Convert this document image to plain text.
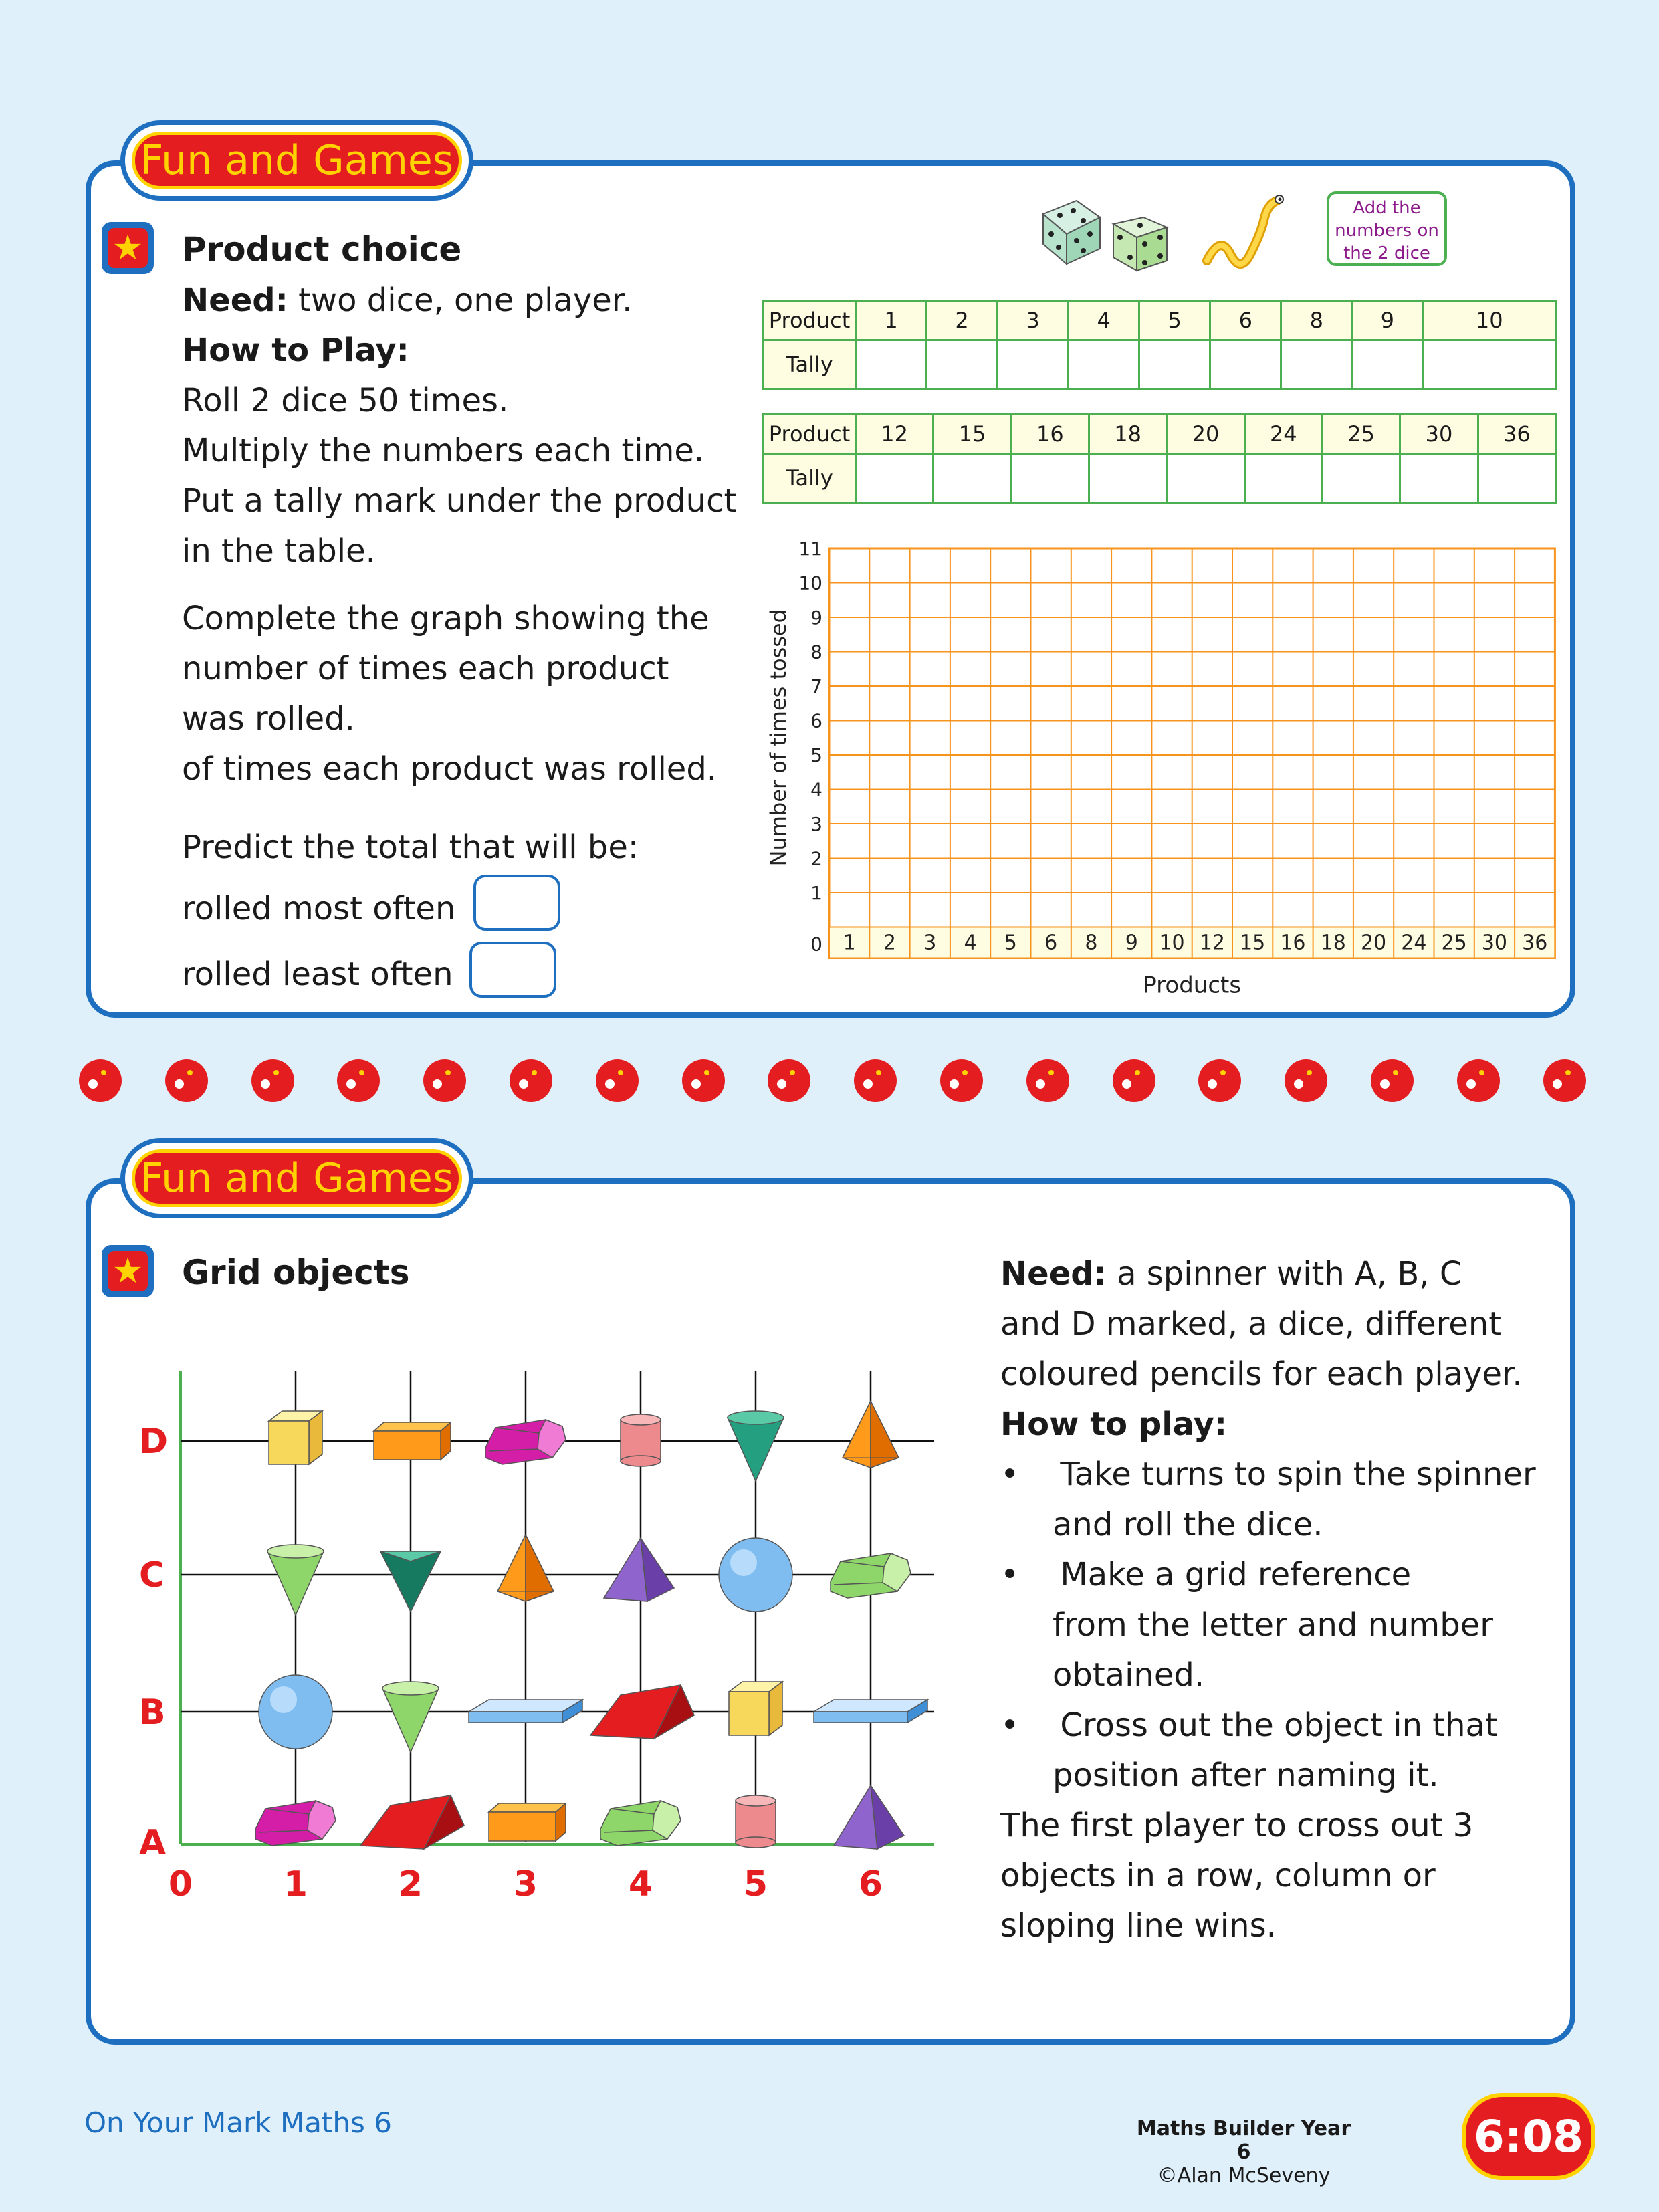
Fun and Games
★ Product choice
Need: two dice, one player.
How to Play:
Roll 2 dice 50 times.
Multiply the numbers each time.
Put a tally mark under the product
in the table.
Complete the graph showing the
number of times each product
was rolled.
of times each product was rolled.
Predict the total that will be:
rolled most often
rolled least often
Add the
numbers on
the 2 dice
Product	1	2	3	4	5	6	8	9	10
Tally									
Product	12	15	16	18	20	24	25	30	36
Tally									
1 2 3 4 5 6 8 9 10 12 15 16 18 20 24 25 30 36
0
1
2
3
4
5
6
7
8
9
10
11
Number of times tossed
Products
Fun and Games
★ Grid objects
D
C
B
A
0	1	2	3	4	5	6
Need: a spinner with A, B, C
and D marked, a dice, different
coloured pencils for each player.
How to play:
•    Take turns to spin the spinner
and roll the dice.
•    Make a grid reference
from the letter and number
obtained.
•    Cross out the object in that
position after naming it.
The first player to cross out 3
objects in a row, column or
sloping line wins.
On Your Mark Maths 6	Maths Builder Year 6
©Alan McSeveny
6:08
